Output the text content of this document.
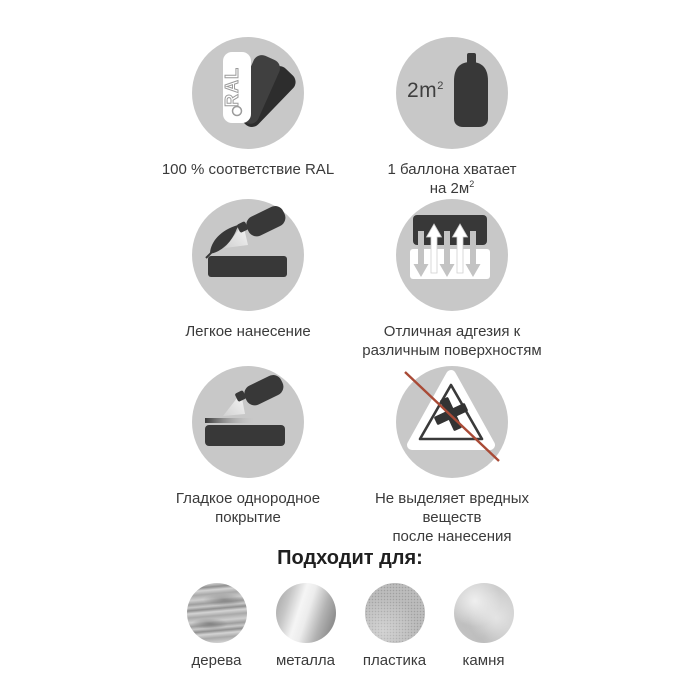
RAL
100 % соответствие RAL
$2m^2$
1 баллона хватает
на $2м^2$
Легкое нанесение	Отличная адгезия к
различным поверхностям
Гладкое однородное
покрытие
Не выделяет вредных
веществ
после нанесения
Подходит для:
дерева металла пластика камня
